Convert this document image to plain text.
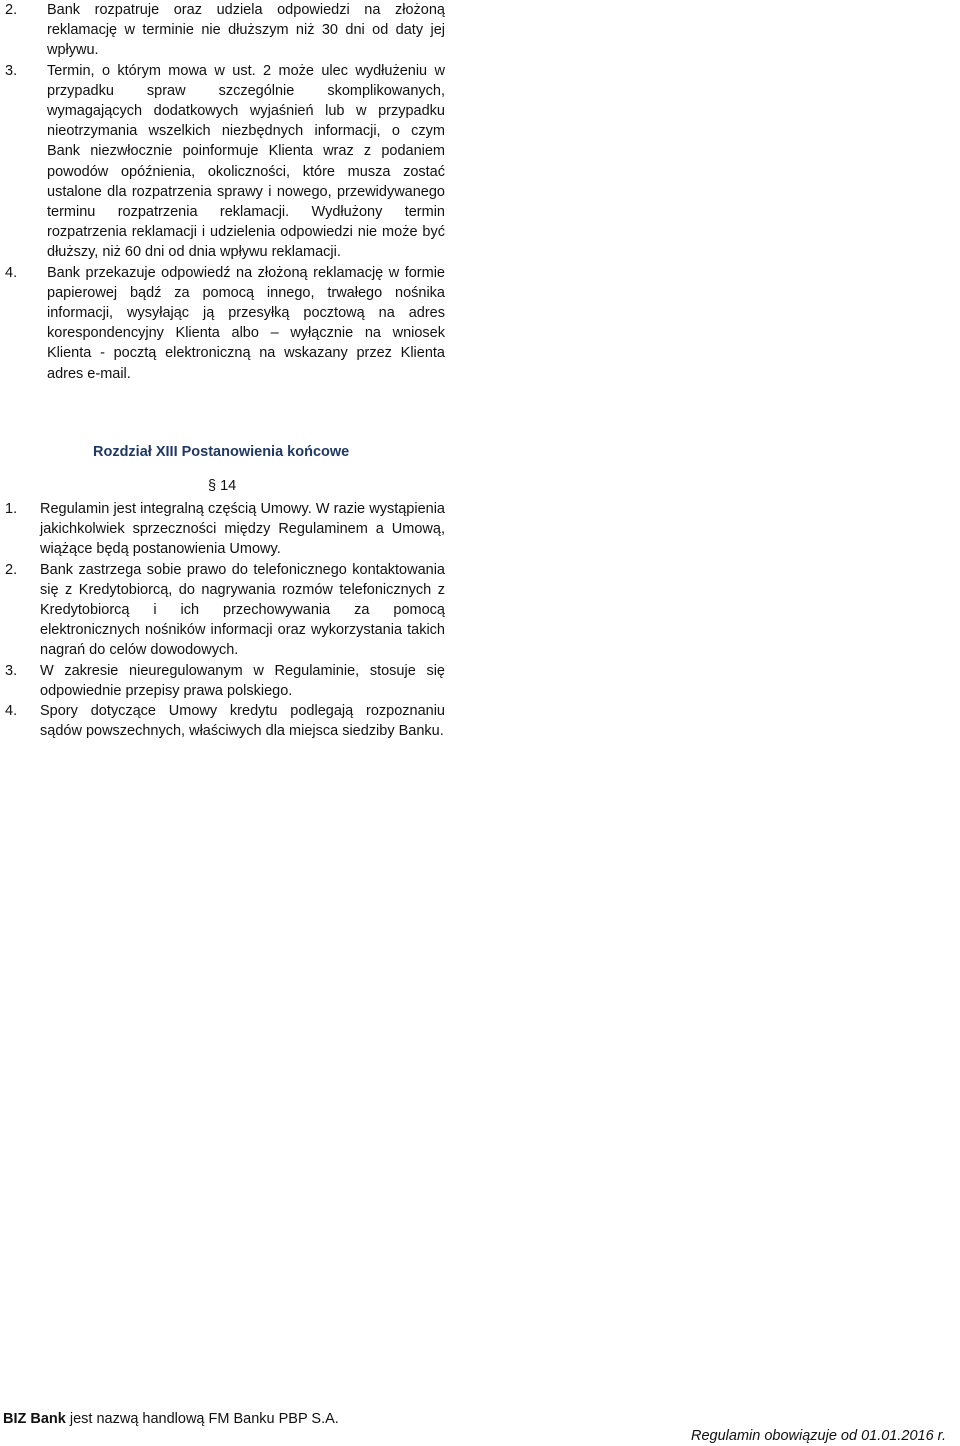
2. Bank rozpatruje oraz udziela odpowiedzi na złożoną reklamację w terminie nie dłuższym niż 30 dni od daty jej wpływu.
3. Termin, o którym mowa w ust. 2 może ulec wydłużeniu w przypadku spraw szczególnie skomplikowanych, wymagających dodatkowych wyjaśnień lub w przypadku nieotrzymania wszelkich niezbędnych informacji, o czym Bank niezwłocznie poinformuje Klienta wraz z podaniem powodów opóźnienia, okoliczności, które musza zostać ustalone dla rozpatrzenia sprawy i nowego, przewidywanego terminu rozpatrzenia reklamacji. Wydłużony termin rozpatrzenia reklamacji i udzielenia odpowiedzi nie może być dłuższy, niż 60 dni od dnia wpływu reklamacji.
4. Bank przekazuje odpowiedź na złożoną reklamację w formie papierowej bądź za pomocą innego, trwałego nośnika informacji, wysyłając ją przesyłką pocztową na adres korespondencyjny Klienta albo – wyłącznie na wniosek Klienta - pocztą elektroniczną na wskazany przez Klienta adres e-mail.
Rozdział XIII Postanowienia końcowe
§ 14
1. Regulamin jest integralną częścią Umowy. W razie wystąpienia jakichkolwiek sprzeczności między Regulaminem a Umową, wiążące będą postanowienia Umowy.
2. Bank zastrzega sobie prawo do telefonicznego kontaktowania się z Kredytobiorcą, do nagrywania rozmów telefonicznych z Kredytobiorcą i ich przechowywania za pomocą elektronicznych nośników informacji oraz wykorzystania takich nagrań do celów dowodowych.
3. W zakresie nieuregulowanym w Regulaminie, stosuje się odpowiednie przepisy prawa polskiego.
4. Spory dotyczące Umowy kredytu podlegają rozpoznaniu sądów powszechnych, właściwych dla miejsca siedziby Banku.
BIZ Bank jest nazwą handlową FM Banku PBP S.A.
Regulamin obowiązuje od 01.01.2016 r.
